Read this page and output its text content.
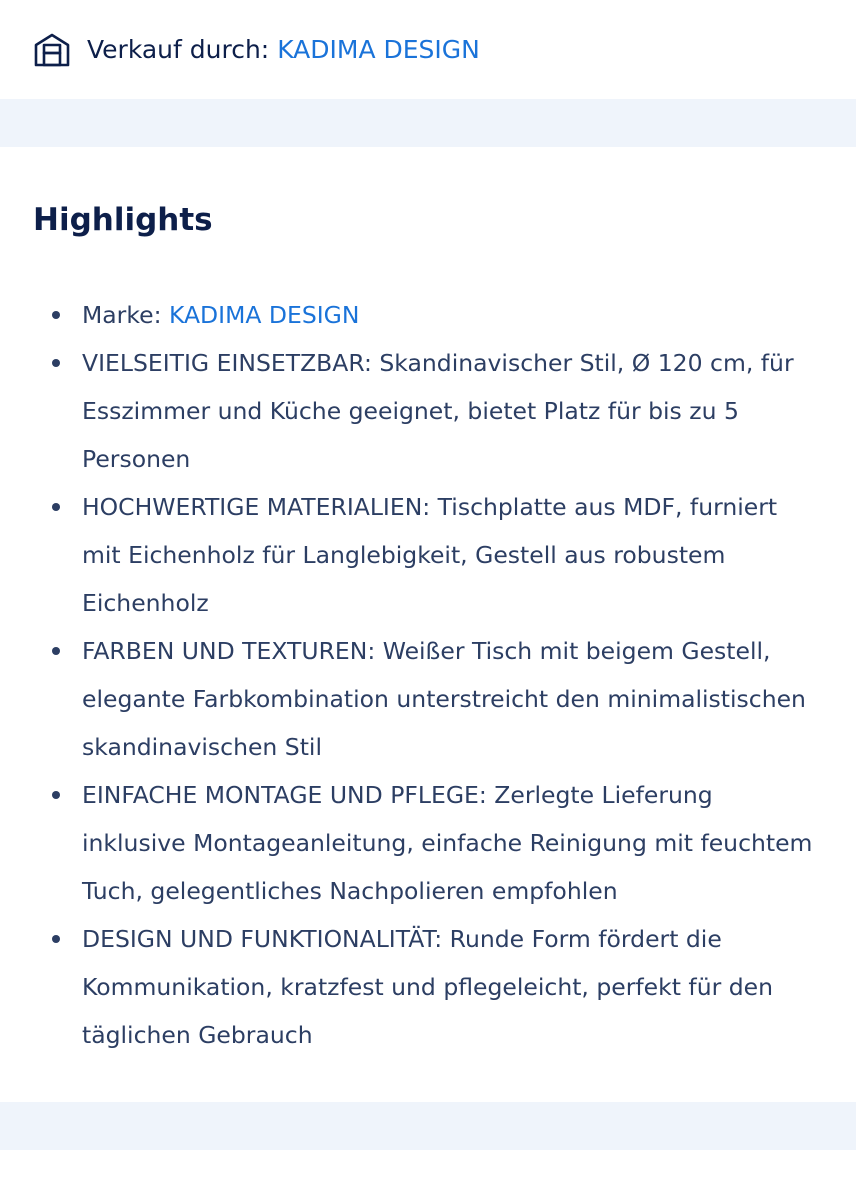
Verkauf durch: KADIMA DESIGN
Highlights
Marke: KADIMA DESIGN
VIELSEITIG EINSETZBAR: Skandinavischer Stil, Ø 120 cm, für Esszimmer und Küche geeignet, bietet Platz für bis zu 5 Personen
HOCHWERTIGE MATERIALIEN: Tischplatte aus MDF, furniert mit Eichenholz für Langlebigkeit, Gestell aus robustem Eichenholz
FARBEN UND TEXTUREN: Weißer Tisch mit beigem Gestell, elegante Farbkombination unterstreicht den minimalistischen skandinavischen Stil
EINFACHE MONTAGE UND PFLEGE: Zerlegte Lieferung inklusive Montageanleitung, einfache Reinigung mit feuchtem Tuch, gelegentliches Nachpolieren empfohlen
DESIGN UND FUNKTIONALITÄT: Runde Form fördert die Kommunikation, kratzfest und pflegeleicht, perfekt für den täglichen Gebrauch
